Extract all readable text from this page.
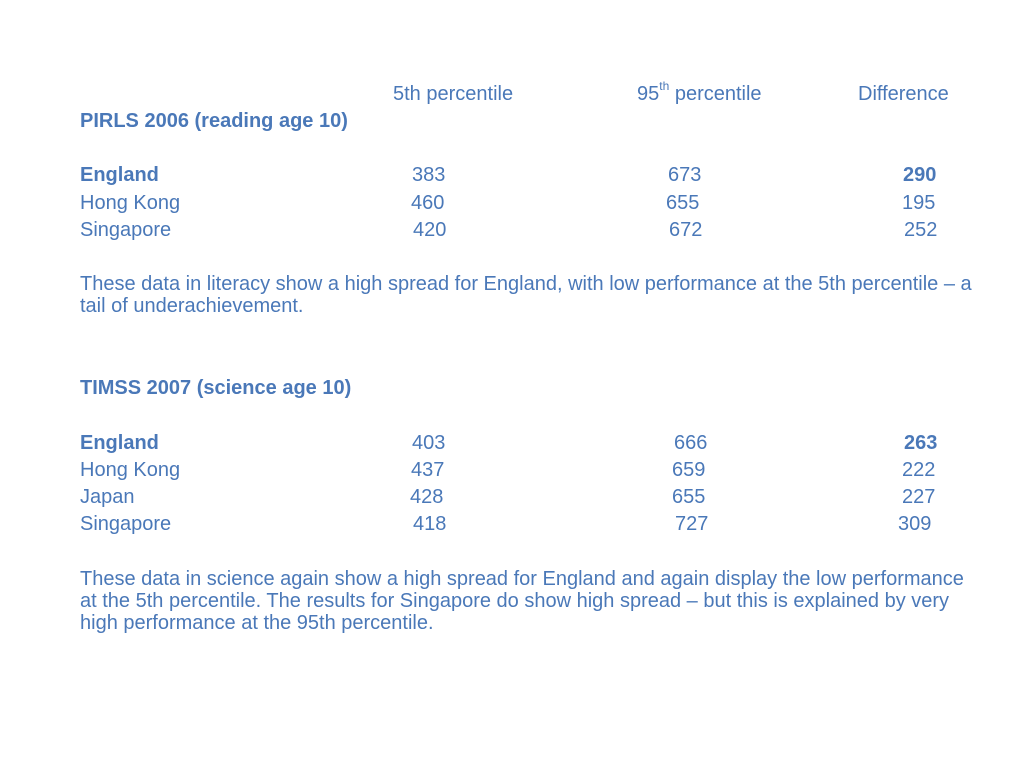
5th percentile	95th percentile	Difference
PIRLS 2006 (reading age 10)
England	383	673	290
Hong Kong	460	655	195
Singapore	420	672	252
These data in literacy show a high spread for England, with low performance at the 5th percentile – a tail of underachievement.
TIMSS 2007 (science age 10)
England	403	666	263
Hong Kong	437	659	222
Japan	428	655	227
Singapore	418	727	309
These data in science again show a high spread for England and again display the low performance at the 5th percentile. The results for Singapore do show high spread – but this is explained by very high performance at the 95th percentile.
